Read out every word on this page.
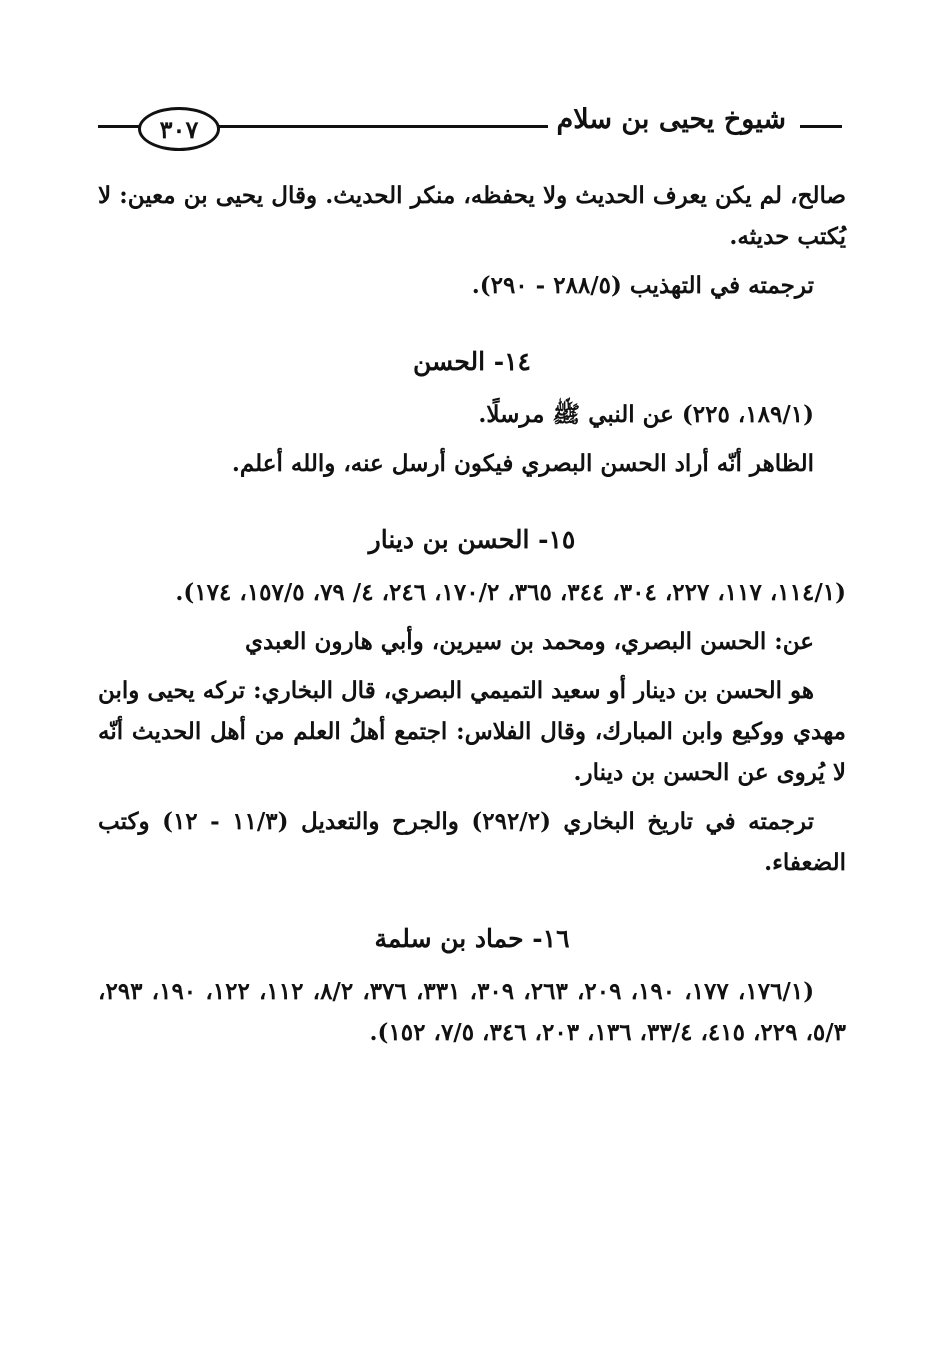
شيوخ يحيى بن سلام
٣٠٧

صالح، لم يكن يعرف الحديث ولا يحفظه، منكر الحديث. وقال يحيى بن معين: لا يُكتب حديثه.

ترجمته في التهذيب (٢٨٨/٥ - ٢٩٠).

١٤- الحسن

(١٨٩/١، ٢٢٥) عن النبي ﷺ مرسلًا.

الظاهر أنّه أراد الحسن البصري فيكون أرسل عنه، والله أعلم.

١٥- الحسن بن دينار

(١١٤/١، ١١٧، ٢٢٧، ٣٠٤، ٣٤٤، ٣٦٥، ١٧٠/٢، ٢٤٦، ٤/ ٧٩، ١٥٧/٥، ١٧٤).

عن: الحسن البصري، ومحمد بن سيرين، وأبي هارون العبدي

هو الحسن بن دينار أو سعيد التميمي البصري، قال البخاري: تركه يحيى وابن مهدي ووكيع وابن المبارك، وقال الفلاس: اجتمع أهلُ العلم من أهل الحديث أنّه لا يُروى عن الحسن بن دينار.

ترجمته في تاريخ البخاري (٢٩٢/٢) والجرح والتعديل (١١/٣ - ١٢) وكتب الضعفاء.

١٦- حماد بن سلمة

(١٧٦/١، ١٧٧، ١٩٠، ٢٠٩، ٢٦٣، ٣٠٩، ٣٣١، ٣٧٦، ٨/٢، ١١٢، ١٢٢، ١٩٠، ٢٩٣، ٥/٣، ٢٢٩، ٤١٥، ٣٣/٤، ١٣٦، ٢٠٣، ٣٤٦، ٧/٥، ١٥٢).
